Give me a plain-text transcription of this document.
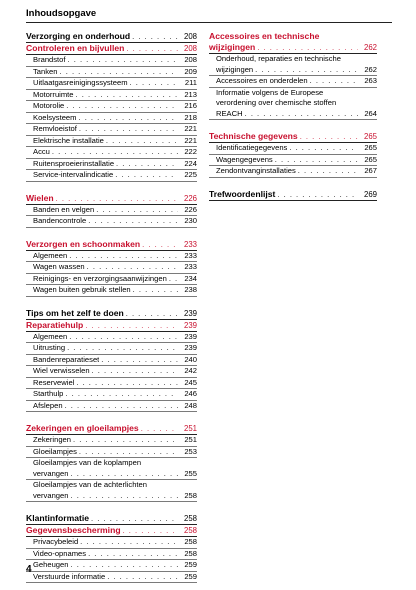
Inhoudsopgave
Verzorging en onderhoud . . .	208
Controleren en bijvullen . . .	208
Brandstof . . .	208
Tanken . . .	209
Uitlaatgasreinigingssysteem . . .	211
Motorruimte . . .	213
Motorolie . . .	216
Koelsysteem . . .	218
Remvloeistof . . .	221
Elektrische installatie . . .	221
Accu . . .	222
Ruitensproeierinstallatie . . .	224
Service-intervalindicatie . . .	225
Wielen . . .	226
Banden en velgen . . .	226
Bandencontrole . . .	230
Verzorgen en schoonmaken . . .	233
Algemeen . . .	233
Wagen wassen . . .	233
Reinigings- en verzorgingsaanwijzingen . . .	234
Wagen buiten gebruik stellen . . .	238
Tips om het zelf te doen . . .	239
Reparatiehulp . . .	239
Algemeen . . .	239
Uitrusting . . .	239
Bandenreparatieset . . .	240
Wiel verwisselen . . .	242
Reservewiel . . .	245
Starthulp . . .	246
Afslepen . . .	248
Zekeringen en gloeilampjes . . .	251
Zekeringen . . .	251
Gloeilampjes . . .	253
Gloeilampjes van de koplampen
vervangen . . .	255
Gloeilampjes van de achterlichten
vervangen . . .	258
Klantinformatie . . .	258
Gegevensbescherming . . .	258
Privacybeleid . . .	258
Video-opnames . . .	258
Geheugen . . .	259
Verstuurde informatie . . .	259
Accessoires en technische
wijzigingen . . .	262
Onderhoud, reparaties en technische
wijzigingen . . .	262
Accessoires en onderdelen . . .	263
Informatie volgens de Europese
verordening over chemische stoffen
REACH . . .	264
Technische gegevens . . .	265
Identificatiegegevens . . .	265
Wagengegevens . . .	265
Zendontvanginstallaties . . .	267
Trefwoordenlijst . . .	269
4
